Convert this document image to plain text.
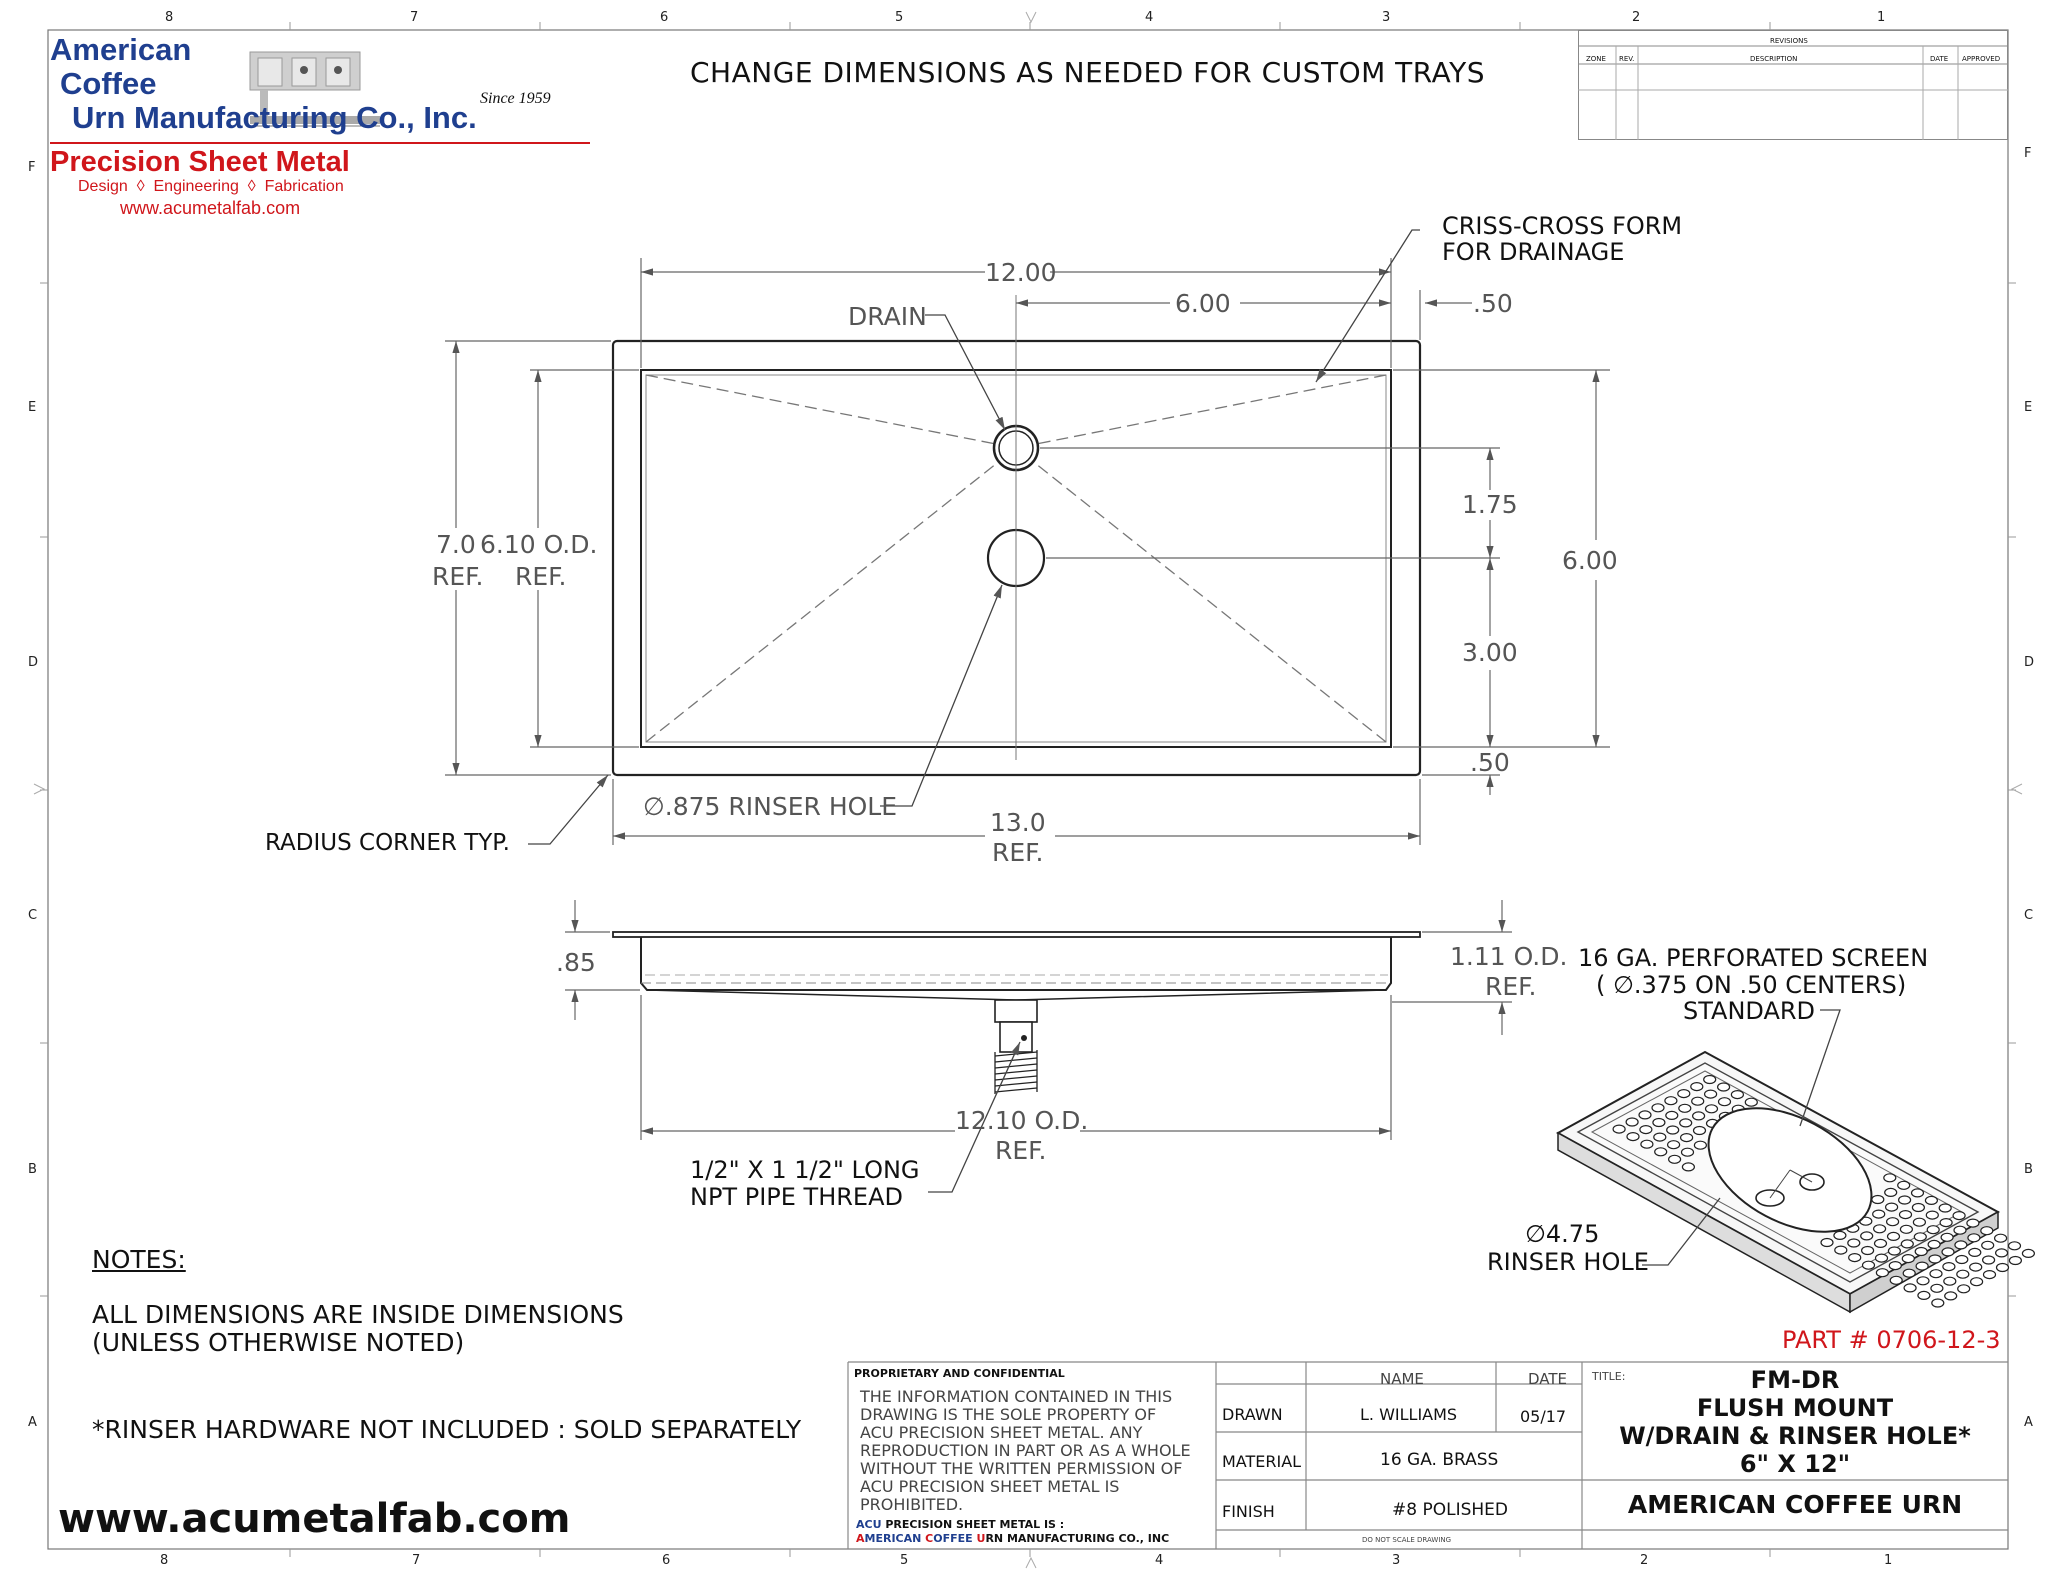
8	7	6	5	4	3	2	1
8	7	6	5	4	3	2	1
F
E
D
C
B
A
F
E
D
C
B
A
American
Coffee
Urn Manufacturing Co., Inc.
Since 1959
Precision Sheet Metal
Design  ◊  Engineering  ◊  Fabrication
www.acumetalfab.com
CHANGE DIMENSIONS AS NEEDED FOR CUSTOM TRAYS
REVISIONS
ZONE REV.	DESCRIPTION	DATE APPROVED
12.00
6.00	.50
7.0
REF.
6.10 O.D.
REF.
1.75
3.00
6.00
.50
13.0
REF.
DRAIN
∅.875 RINSER HOLE
CRISS-CROSS FORM
FOR DRAINAGE
RADIUS CORNER TYP.
.85	1.11 O.D.
REF.
12.10 O.D.
REF.
1/2" X 1 1/2" LONG
NPT PIPE THREAD
16 GA. PERFORATED SCREEN
( ∅.375 ON .50 CENTERS)
STANDARD
∅4.75
RINSER HOLE
NOTES:
ALL DIMENSIONS ARE INSIDE DIMENSIONS
(UNLESS OTHERWISE NOTED)
*RINSER HARDWARE NOT INCLUDED : SOLD SEPARATELY
www.acumetalfab.com
PART # 0706-12-3
PROPRIETARY AND CONFIDENTIAL
THE INFORMATION CONTAINED IN THIS
DRAWING IS THE SOLE PROPERTY OF
ACU PRECISION SHEET METAL. ANY
REPRODUCTION IN PART OR AS A WHOLE
WITHOUT THE WRITTEN PERMISSION OF
ACU PRECISION SHEET METAL IS
PROHIBITED.
ACU PRECISION SHEET METAL IS :
AMERICAN COFFEE URN MANUFACTURING CO., INC
NAME	DATE
DRAWN	L. WILLIAMS	05/17
MATERIAL	16 GA. BRASS
FINISH	#8 POLISHED
DO NOT SCALE DRAWING
TITLE:	FM-DR
FLUSH MOUNT
W/DRAIN & RINSER HOLE*
6" X 12"
AMERICAN COFFEE URN
